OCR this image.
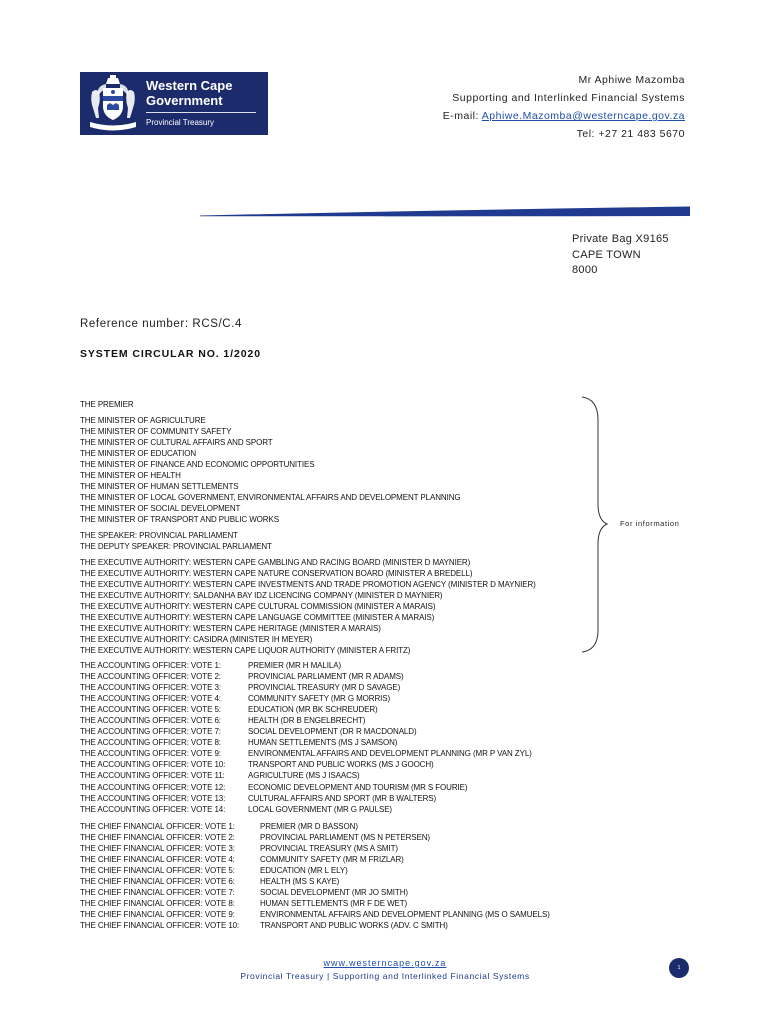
Western Cape
Government
Provincial Treasury
Mr Aphiwe Mazomba
Supporting and Interlinked Financial Systems
E-mail: Aphiwe.Mazomba@westerncape.gov.za
Tel: +27 21 483 5670
Private Bag X9165
CAPE TOWN
8000
Reference number: RCS/C.4
SYSTEM CIRCULAR NO. 1/2020
THE PREMIER
THE MINISTER OF AGRICULTURE
THE MINISTER OF COMMUNITY SAFETY
THE MINISTER OF CULTURAL AFFAIRS AND SPORT
THE MINISTER OF EDUCATION
THE MINISTER OF FINANCE AND ECONOMIC OPPORTUNITIES
THE MINISTER OF HEALTH
THE MINISTER OF HUMAN SETTLEMENTS
THE MINISTER OF LOCAL GOVERNMENT, ENVIRONMENTAL AFFAIRS AND DEVELOPMENT PLANNING
THE MINISTER OF SOCIAL DEVELOPMENT
THE MINISTER OF TRANSPORT AND PUBLIC WORKS
THE SPEAKER: PROVINCIAL PARLIAMENT
THE DEPUTY SPEAKER: PROVINCIAL PARLIAMENT
THE EXECUTIVE AUTHORITY: WESTERN CAPE GAMBLING AND RACING BOARD (MINISTER D MAYNIER)
THE EXECUTIVE AUTHORITY: WESTERN CAPE NATURE CONSERVATION BOARD (MINISTER A BREDELL)
THE EXECUTIVE AUTHORITY: WESTERN CAPE INVESTMENTS AND TRADE PROMOTION AGENCY (MINISTER D MAYNIER)
THE EXECUTIVE AUTHORITY: SALDANHA BAY IDZ LICENCING COMPANY (MINISTER D MAYNIER)
THE EXECUTIVE AUTHORITY: WESTERN CAPE CULTURAL COMMISSION (MINISTER A MARAIS)
THE EXECUTIVE AUTHORITY: WESTERN CAPE LANGUAGE COMMITTEE (MINISTER A MARAIS)
THE EXECUTIVE AUTHORITY: WESTERN CAPE HERITAGE (MINISTER A MARAIS)
THE EXECUTIVE AUTHORITY: CASIDRA (MINISTER IH MEYER)
THE EXECUTIVE AUTHORITY: WESTERN CAPE LIQUOR AUTHORITY (MINISTER A FRITZ)
THE ACCOUNTING OFFICER: VOTE 1:	PREMIER (MR H MALILA)
THE ACCOUNTING OFFICER: VOTE 2:	PROVINCIAL PARLIAMENT (MR R ADAMS)
THE ACCOUNTING OFFICER: VOTE 3:	PROVINCIAL TREASURY (MR D SAVAGE)
THE ACCOUNTING OFFICER: VOTE 4:	COMMUNITY SAFETY (MR G MORRIS)
THE ACCOUNTING OFFICER: VOTE 5:	EDUCATION (MR BK SCHREUDER)
THE ACCOUNTING OFFICER: VOTE 6:	HEALTH (DR B ENGELBRECHT)
THE ACCOUNTING OFFICER: VOTE 7:	SOCIAL DEVELOPMENT (DR R MACDONALD)
THE ACCOUNTING OFFICER: VOTE 8:	HUMAN SETTLEMENTS (MS J SAMSON)
THE ACCOUNTING OFFICER: VOTE 9:	ENVIRONMENTAL AFFAIRS AND DEVELOPMENT PLANNING (MR P VAN ZYL)
THE ACCOUNTING OFFICER: VOTE 10:	TRANSPORT AND PUBLIC WORKS (MS J GOOCH)
THE ACCOUNTING OFFICER: VOTE 11:	AGRICULTURE (MS J ISAACS)
THE ACCOUNTING OFFICER: VOTE 12:	ECONOMIC DEVELOPMENT AND TOURISM (MR S FOURIE)
THE ACCOUNTING OFFICER: VOTE 13:	CULTURAL AFFAIRS AND SPORT (MR B WALTERS)
THE ACCOUNTING OFFICER: VOTE 14:	LOCAL GOVERNMENT (MR G PAULSE)
THE CHIEF FINANCIAL OFFICER: VOTE 1:	PREMIER (MR D BASSON)
THE CHIEF FINANCIAL OFFICER: VOTE 2:	PROVINCIAL PARLIAMENT (MS N PETERSEN)
THE CHIEF FINANCIAL OFFICER: VOTE 3:	PROVINCIAL TREASURY (MS A SMIT)
THE CHIEF FINANCIAL OFFICER: VOTE 4:	COMMUNITY SAFETY (MR M FRIZLAR)
THE CHIEF FINANCIAL OFFICER: VOTE 5:	EDUCATION (MR L ELY)
THE CHIEF FINANCIAL OFFICER: VOTE 6:	HEALTH (MS S KAYE)
THE CHIEF FINANCIAL OFFICER: VOTE 7:	SOCIAL DEVELOPMENT (MR JO SMITH)
THE CHIEF FINANCIAL OFFICER: VOTE 8:	HUMAN SETTLEMENTS (MR F DE WET)
THE CHIEF FINANCIAL OFFICER: VOTE 9:	ENVIRONMENTAL AFFAIRS AND DEVELOPMENT PLANNING (MS O SAMUELS)
THE CHIEF FINANCIAL OFFICER: VOTE 10:	TRANSPORT AND PUBLIC WORKS (ADV. C SMITH)
For information
www.westerncape.gov.za
Provincial Treasury | Supporting and Interlinked Financial Systems
1
